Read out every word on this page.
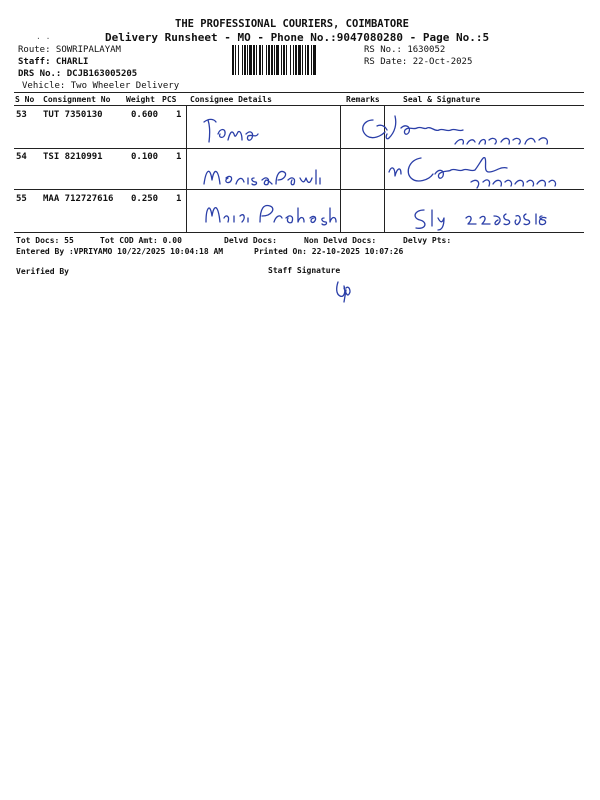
THE PROFESSIONAL COURIERS, COIMBATORE
Delivery Runsheet - MO - Phone No.:9047080280 - Page No.:5
· ·
Route: SOWRIPALAYAM
Staff: CHARLI
DRS No.: DCJB163005205
Vehicle: Two Wheeler Delivery
RS No.: 1630052
RS Date: 22-Oct-2025
S No Consignment No Weight PCS Consignee Details	Remarks	Seal & Signature
53 TUT 7350130	0.600 1
54 TSI 8210991	0.100 1
55 MAA 712727616 0.250 1
Tot Docs: 55	Tot COD Amt: 0.00	Delvd Docs:	Non Delvd Docs:	Delvy Pts:
Entered By :VPRIYAMO 10/22/2025 10:04:18 AM	Printed On: 22-10-2025 10:07:26
Verified By	Staff Signature
